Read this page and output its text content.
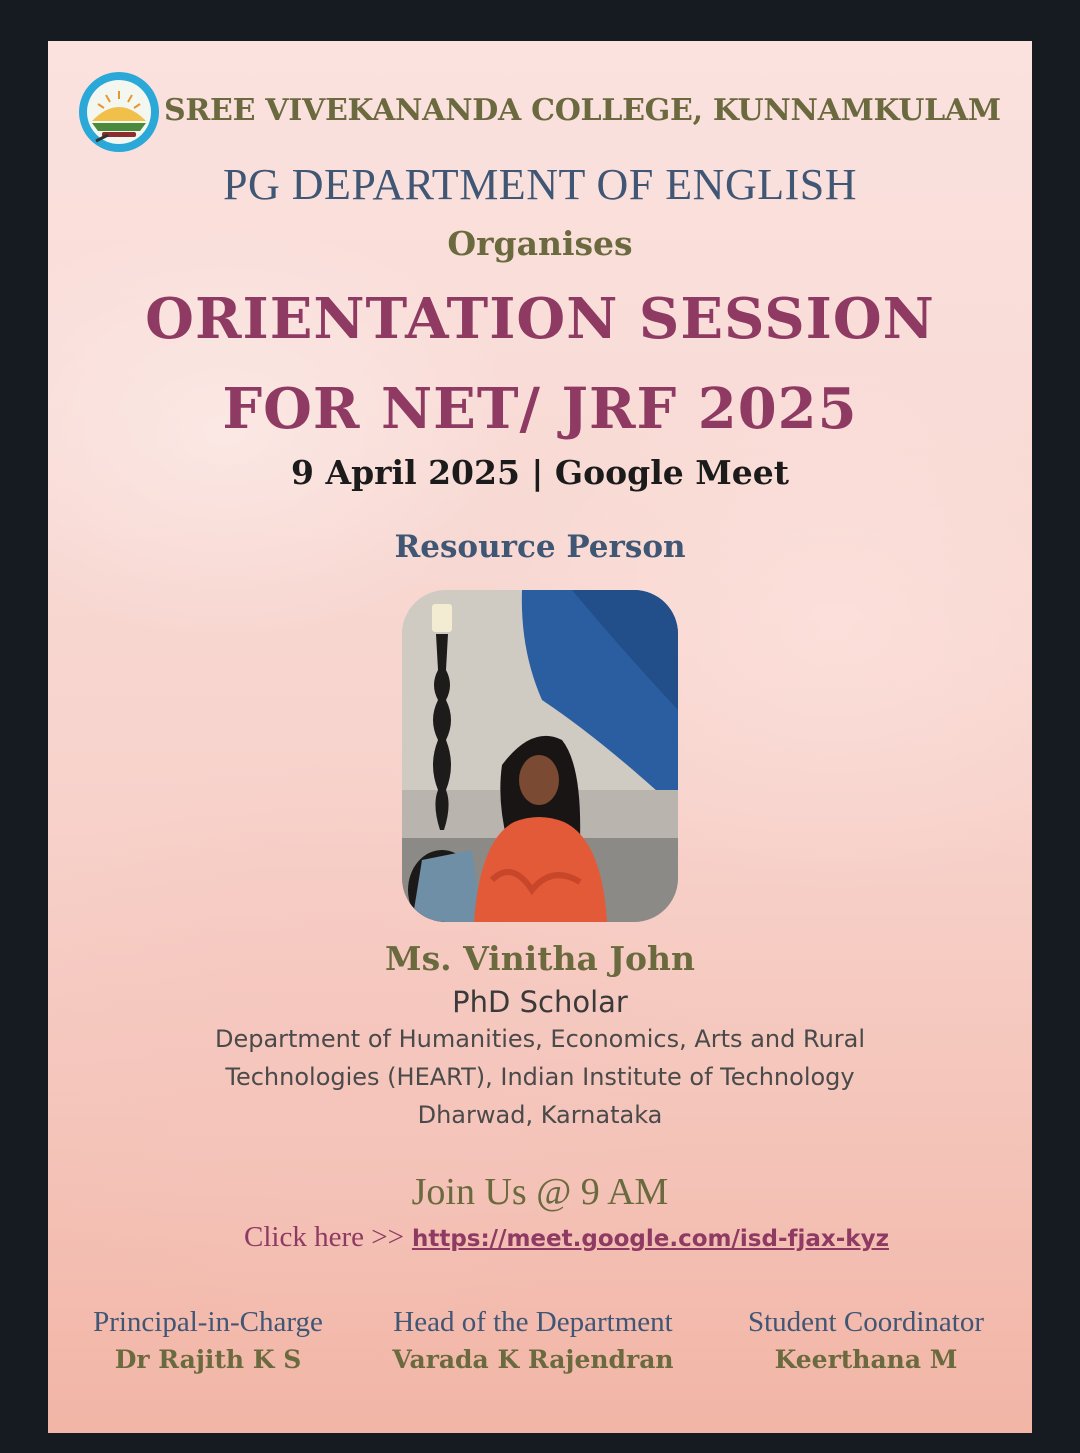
SREE VIVEKANANDA COLLEGE, KUNNAMKULAM
PG DEPARTMENT OF ENGLISH
Organises
ORIENTATION SESSION
FOR NET/ JRF 2025
9 April 2025 | Google Meet
Resource Person
Ms. Vinitha John
PhD Scholar
Department of Humanities, Economics, Arts and Rural
Technologies (HEART), Indian Institute of Technology
Dharwad, Karnataka
Join Us @ 9 AM
Click here >> https://meet.google.com/isd-fjax-kyz
Principal-in-Charge
Dr Rajith K S
Head of the Department
Varada K Rajendran
Student Coordinator
Keerthana M
